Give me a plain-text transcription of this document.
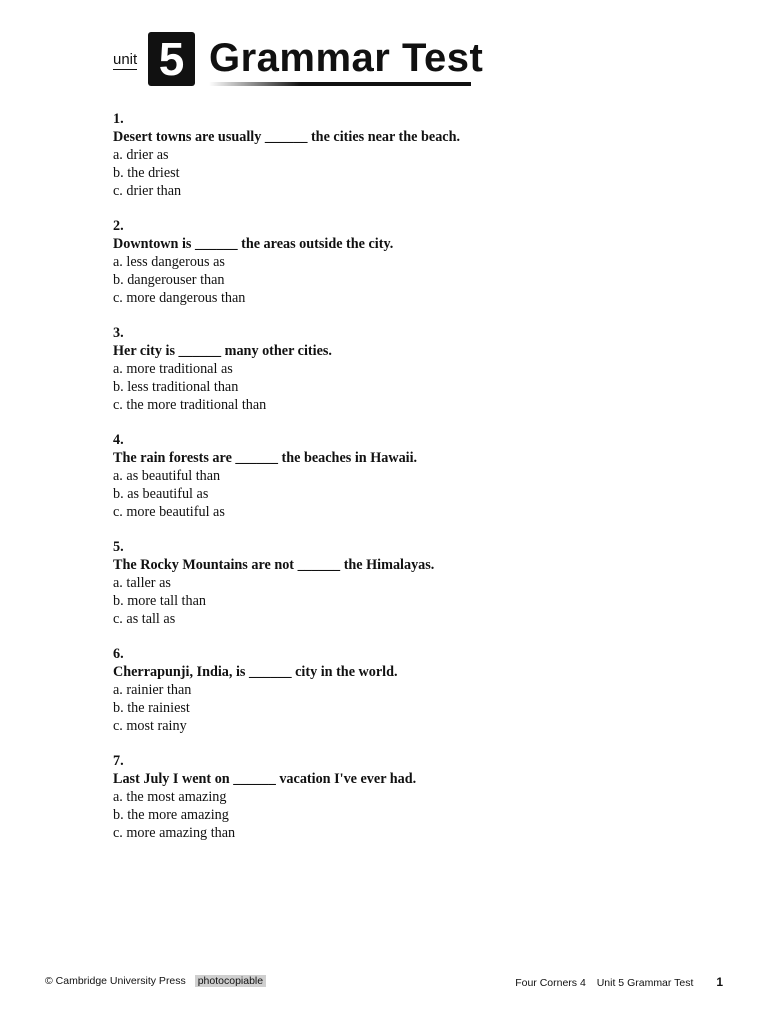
unit 5 Grammar Test
1.
Desert towns are usually ______ the cities near the beach.
a. drier as
b. the driest
c. drier than
2.
Downtown is ______ the areas outside the city.
a. less dangerous as
b. dangerouser than
c. more dangerous than
3.
Her city is ______ many other cities.
a. more traditional as
b. less traditional than
c. the more traditional than
4.
The rain forests are ______ the beaches in Hawaii.
a. as beautiful than
b. as beautiful as
c. more beautiful as
5.
The Rocky Mountains are not ______ the Himalayas.
a. taller as
b. more tall than
c. as tall as
6.
Cherrapunji, India, is ______ city in the world.
a. rainier than
b. the rainiest
c. most rainy
7.
Last July I went on ______ vacation I've ever had.
a. the most amazing
b. the more amazing
c. more amazing than
© Cambridge University Press photocopiable	Four Corners 4 Unit 5 Grammar Test 1
